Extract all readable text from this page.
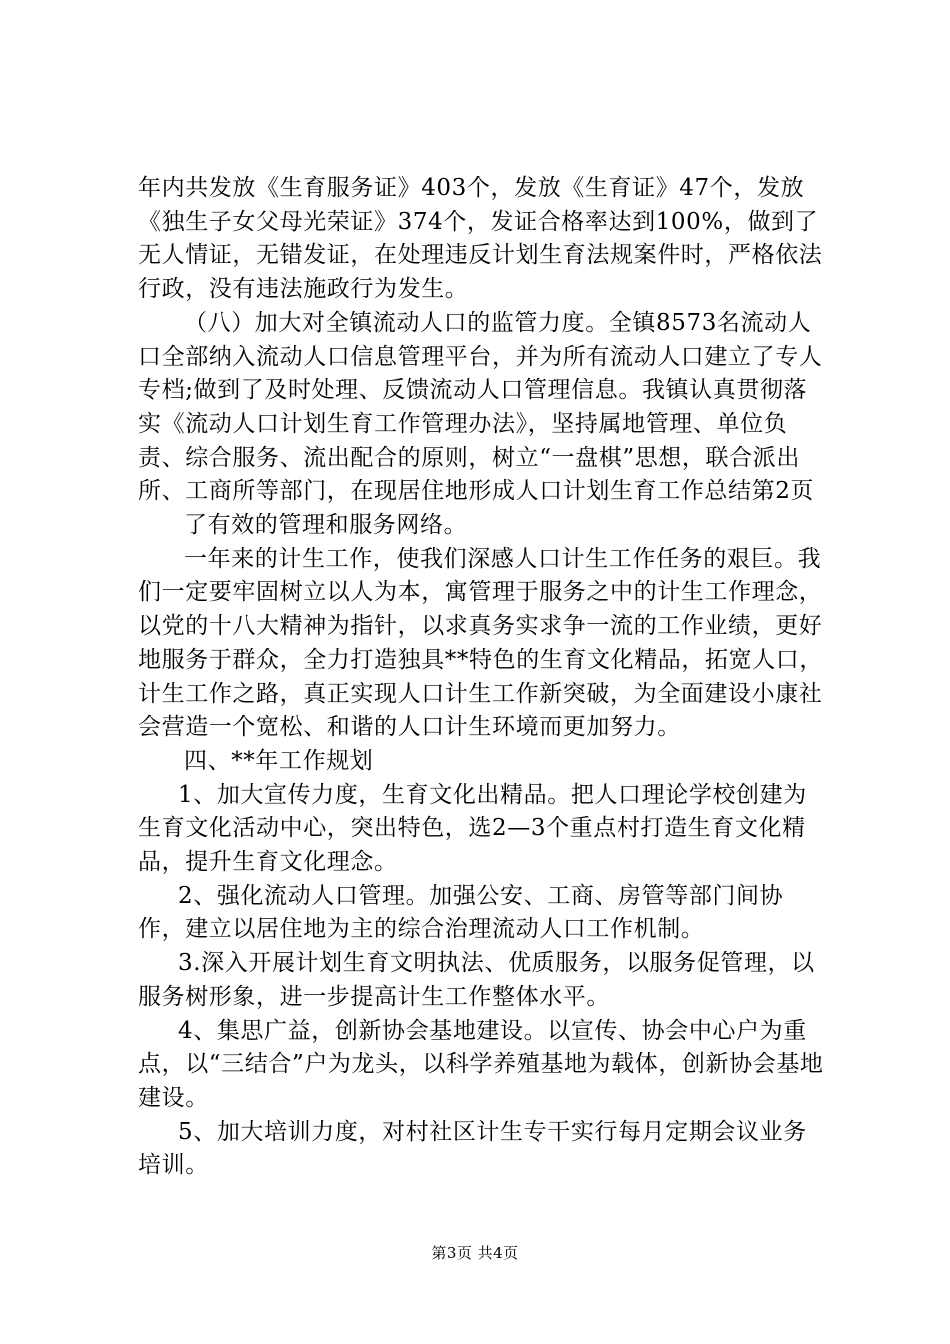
年内共发放《生育服务证》403个，发放《生育证》47个，发放《独生子女父母光荣证》374个，发证合格率达到100%，做到了无人情证，无错发证，在处理违反计划生育法规案件时，严格依法行政，没有违法施政行为发生。

（八）加大对全镇流动人口的监管力度。全镇8573名流动人口全部纳入流动人口信息管理平台，并为所有流动人口建立了专人专档;做到了及时处理、反馈流动人口管理信息。我镇认真贯彻落实《流动人口计划生育工作管理办法》，坚持属地管理、单位负责、综合服务、流出配合的原则，树立“一盘棋”思想，联合派出所、工商所等部门，在现居住地形成人口计划生育工作总结第2页

了有效的管理和服务网络。

一年来的计生工作，使我们深感人口计生工作任务的艰巨。我们一定要牢固树立以人为本，寓管理于服务之中的计生工作理念，以党的十八大精神为指针，以求真务实求争一流的工作业绩，更好地服务于群众，全力打造独具**特色的生育文化精品，拓宽人口，计生工作之路，真正实现人口计生工作新突破，为全面建设小康社会营造一个宽松、和谐的人口计生环境而更加努力。

四、**年工作规划

1、加大宣传力度，生育文化出精品。把人口理论学校创建为生育文化活动中心，突出特色，选2—3个重点村打造生育文化精品，提升生育文化理念。

2、强化流动人口管理。加强公安、工商、房管等部门间协作，建立以居住地为主的综合治理流动人口工作机制。

3.深入开展计划生育文明执法、优质服务，以服务促管理，以服务树形象，进一步提高计生工作整体水平。

4、集思广益，创新协会基地建设。以宣传、协会中心户为重点，以“三结合”户为龙头，以科学养殖基地为载体，创新协会基地建设。

5、加大培训力度，对村社区计生专干实行每月定期会议业务培训。

第3页 共4页
